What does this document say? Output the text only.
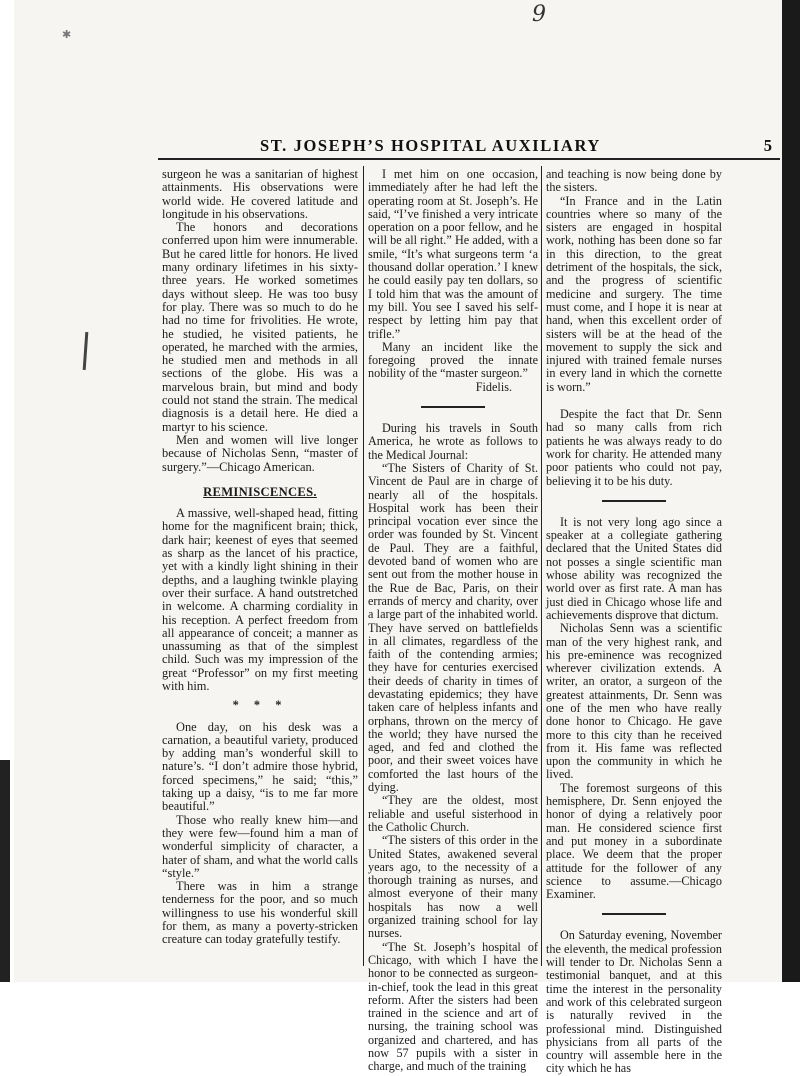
✱
9
ST. JOSEPH’S HOSPITAL AUXILIARY	5

surgeon he was a sanitarian of highest attainments. His observations were world wide. He covered latitude and longitude in his observations.

The honors and decorations conferred upon him were innumerable. But he cared little for honors. He lived many ordinary lifetimes in his sixty-three years. He worked sometimes days without sleep. He was too busy for play. There was so much to do he had no time for frivolities. He wrote, he studied, he visited patients, he operated, he marched with the armies, he studied men and methods in all sections of the globe. His was a marvelous brain, but mind and body could not stand the strain. The medical diagnosis is a detail here. He died a martyr to his science.

Men and women will live longer because of Nicholas Senn, “master of surgery.”—Chicago American.

REMINISCENCES.

A massive, well-shaped head, fitting home for the magnificent brain; thick, dark hair; keenest of eyes that seemed as sharp as the lancet of his practice, yet with a kindly light shining in their depths, and a laughing twinkle playing over their surface. A hand outstretched in welcome. A charming cordiality in his reception. A perfect freedom from all appearance of conceit; a manner as unassuming as that of the simplest child. Such was my impression of the great “Professor” on my first meeting with him.

* * *

One day, on his desk was a carnation, a beautiful variety, produced by adding man’s wonderful skill to nature’s. “I don’t admire those hybrid, forced specimens,” he said; “this,” taking up a daisy, “is to me far more beautiful.”

Those who really knew him—and they were few—found him a man of wonderful simplicity of character, a hater of sham, and what the world calls “style.”

There was in him a strange tenderness for the poor, and so much willingness to use his wonderful skill for them, as many a poverty-stricken creature can today gratefully testify.

I met him on one occasion, immediately after he had left the operating room at St. Joseph’s. He said, “I’ve finished a very intricate operation on a poor fellow, and he will be all right.” He added, with a smile, “It’s what surgeons term ‘a thousand dollar operation.’ I knew he could easily pay ten dollars, so I told him that was the amount of my bill. You see I saved his self-respect by letting him pay that trifle.”

Many an incident like the foregoing proved the innate nobility of the “master surgeon.”

Fidelis.

During his travels in South America, he wrote as follows to the Medical Journal:

“The Sisters of Charity of St. Vincent de Paul are in charge of nearly all of the hospitals. Hospital work has been their principal vocation ever since the order was founded by St. Vincent de Paul. They are a faithful, devoted band of women who are sent out from the mother house in the Rue de Bac, Paris, on their errands of mercy and charity, over a large part of the inhabited world. They have served on battlefields in all climates, regardless of the faith of the contending armies; they have for centuries exercised their deeds of charity in times of devastating epidemics; they have taken care of helpless infants and orphans, thrown on the mercy of the world; they have nursed the aged, and fed and clothed the poor, and their sweet voices have comforted the last hours of the dying.

“They are the oldest, most reliable and useful sisterhood in the Catholic Church.

“The sisters of this order in the United States, awakened several years ago, to the necessity of a thorough training as nurses, and almost everyone of their many hospitals has now a well organized training school for lay nurses.

“The St. Joseph’s hospital of Chicago, with which I have the honor to be connected as surgeon-in-chief, took the lead in this great reform. After the sisters had been trained in the science and art of nursing, the training school was organized and chartered, and has now 57 pupils with a sister in charge, and much of the training

and teaching is now being done by the sisters.

“In France and in the Latin countries where so many of the sisters are engaged in hospital work, nothing has been done so far in this direction, to the great detriment of the hospitals, the sick, and the progress of scientific medicine and surgery. The time must come, and I hope it is near at hand, when this excellent order of sisters will be at the head of the movement to supply the sick and injured with trained female nurses in every land in which the cornette is worn.”

Despite the fact that Dr. Senn had so many calls from rich patients he was always ready to do work for charity. He attended many poor patients who could not pay, believing it to be his duty.

It is not very long ago since a speaker at a collegiate gathering declared that the United States did not posses a single scientific man whose ability was recognized the world over as first rate. A man has just died in Chicago whose life and achievements disprove that dictum.

Nicholas Senn was a scientific man of the very highest rank, and his pre-eminence was recognized wherever civilization extends. A writer, an orator, a surgeon of the greatest attainments, Dr. Senn was one of the men who have really done honor to Chicago. He gave more to this city than he received from it. His fame was reflected upon the community in which he lived.

The foremost surgeons of this hemisphere, Dr. Senn enjoyed the honor of dying a relatively poor man. He considered science first and put money in a subordinate place. We deem that the proper attitude for the follower of any science to assume.—Chicago Examiner.

On Saturday evening, November the eleventh, the medical profession will tender to Dr. Nicholas Senn a testimonial banquet, and at this time the interest in the personality and work of this celebrated surgeon is naturally revived in the professional mind. Distinguished physicians from all parts of the country will assemble here in the city which he has
